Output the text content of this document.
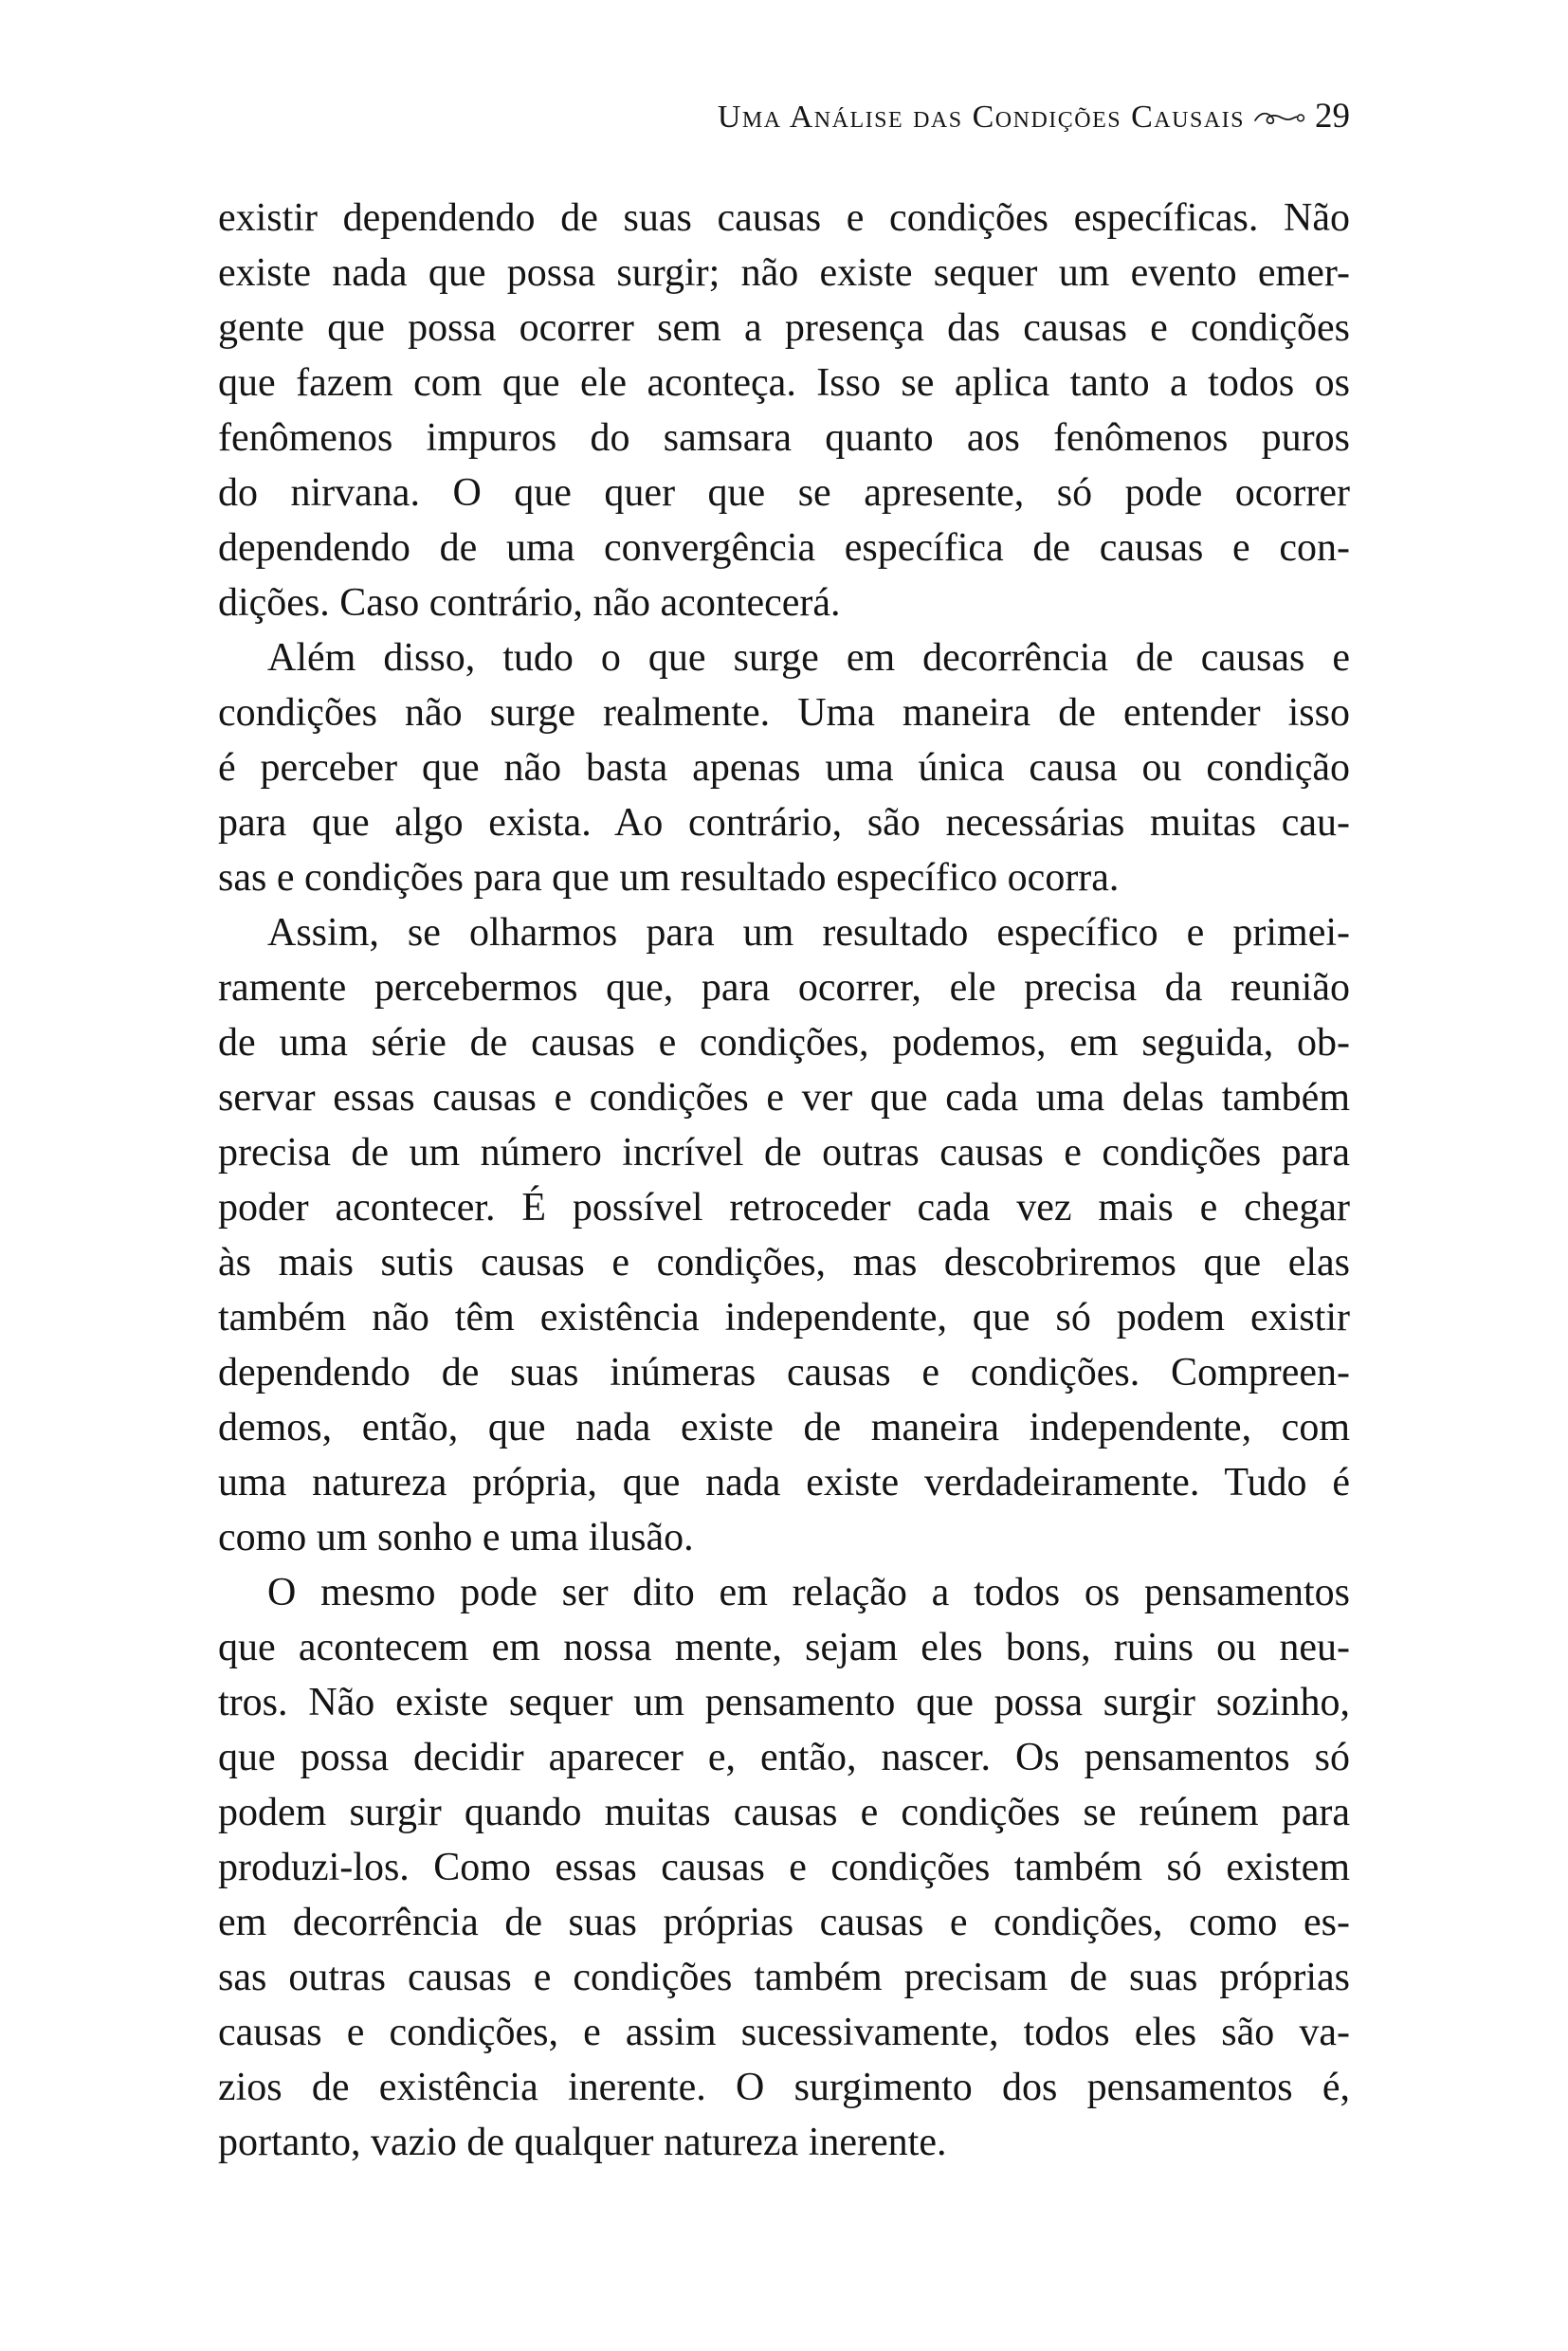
Uma Análise das Condições Causais 29
existir dependendo de suas causas e condições específicas. Não
existe nada que possa surgir; não existe sequer um evento emer-
gente que possa ocorrer sem a presença das causas e condições
que fazem com que ele aconteça. Isso se aplica tanto a todos os
fenômenos impuros do samsara quanto aos fenômenos puros
do nirvana. O que quer que se apresente, só pode ocorrer
dependendo de uma convergência específica de causas e con-
dições. Caso contrário, não acontecerá.
Além disso, tudo o que surge em decorrência de causas e
condições não surge realmente. Uma maneira de entender isso
é perceber que não basta apenas uma única causa ou condição
para que algo exista. Ao contrário, são necessárias muitas cau-
sas e condições para que um resultado específico ocorra.
Assim, se olharmos para um resultado específico e primei-
ramente percebermos que, para ocorrer, ele precisa da reunião
de uma série de causas e condições, podemos, em seguida, ob-
servar essas causas e condições e ver que cada uma delas também
precisa de um número incrível de outras causas e condições para
poder acontecer. É possível retroceder cada vez mais e chegar
às mais sutis causas e condições, mas descobriremos que elas
também não têm existência independente, que só podem existir
dependendo de suas inúmeras causas e condições. Compreen-
demos, então, que nada existe de maneira independente, com
uma natureza própria, que nada existe verdadeiramente. Tudo é
como um sonho e uma ilusão.
O mesmo pode ser dito em relação a todos os pensamentos
que acontecem em nossa mente, sejam eles bons, ruins ou neu-
tros. Não existe sequer um pensamento que possa surgir sozinho,
que possa decidir aparecer e, então, nascer. Os pensamentos só
podem surgir quando muitas causas e condições se reúnem para
produzi-los. Como essas causas e condições também só existem
em decorrência de suas próprias causas e condições, como es-
sas outras causas e condições também precisam de suas próprias
causas e condições, e assim sucessivamente, todos eles são va-
zios de existência inerente. O surgimento dos pensamentos é,
portanto, vazio de qualquer natureza inerente.
